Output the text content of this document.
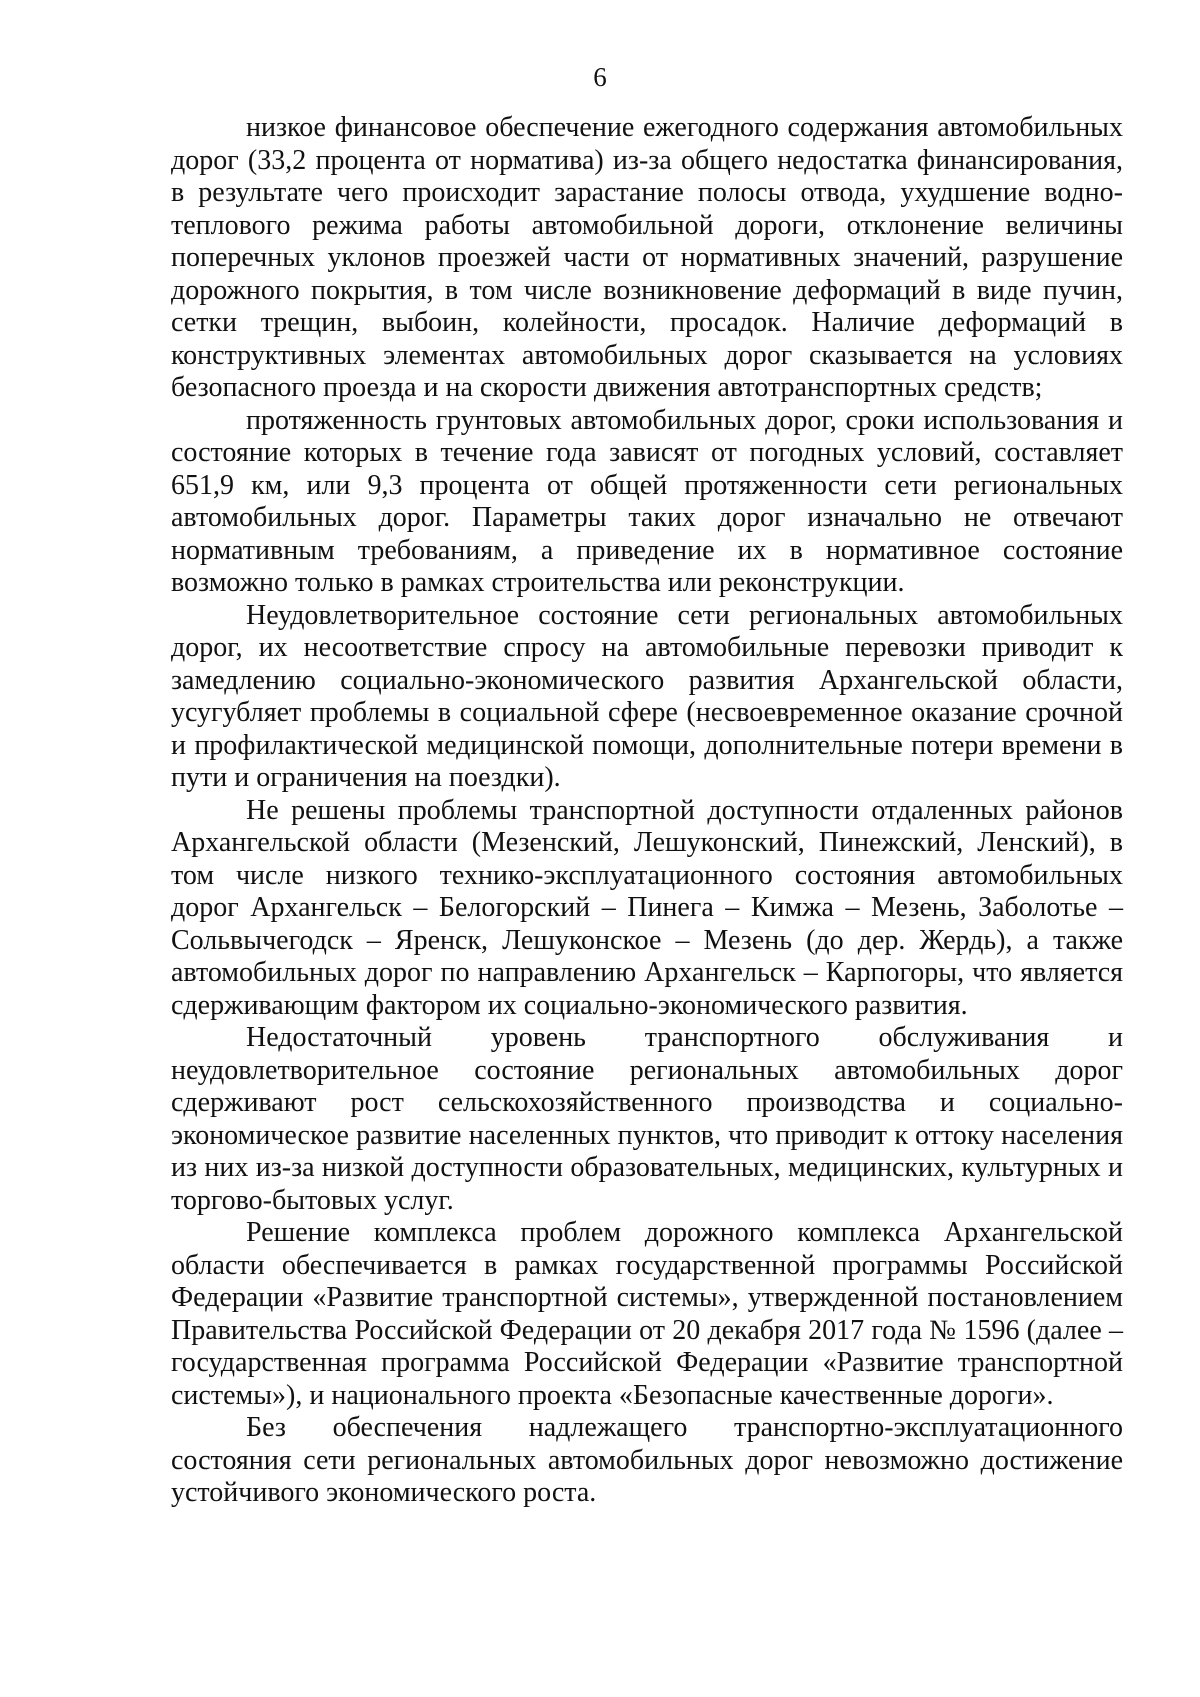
6

низкое финансовое обеспечение ежегодного содержания автомобильных дорог (33,2 процента от норматива) из-за общего недостатка финансирования, в результате чего происходит зарастание полосы отвода, ухудшение водно-теплового режима работы автомобильной дороги, отклонение величины поперечных уклонов проезжей части от нормативных значений, разрушение дорожного покрытия, в том числе возникновение деформаций в виде пучин, сетки трещин, выбоин, колейности, просадок. Наличие деформаций в конструктивных элементах автомобильных дорог сказывается на условиях безопасного проезда и на скорости движения автотранспортных средств;

протяженность грунтовых автомобильных дорог, сроки использования и состояние которых в течение года зависят от погодных условий, составляет 651,9 км, или 9,3 процента от общей протяженности сети региональных автомобильных дорог. Параметры таких дорог изначально не отвечают нормативным требованиям, а приведение их в нормативное состояние возможно только в рамках строительства или реконструкции.

Неудовлетворительное состояние сети региональных автомобильных дорог, их несоответствие спросу на автомобильные перевозки приводит к замедлению социально-экономического развития Архангельской области, усугубляет проблемы в социальной сфере (несвоевременное оказание срочной и профилактической медицинской помощи, дополнительные потери времени в пути и ограничения на поездки).

Не решены проблемы транспортной доступности отдаленных районов Архангельской области (Мезенский, Лешуконский, Пинежский, Ленский), в том числе низкого технико-эксплуатационного состояния автомобильных дорог Архангельск – Белогорский – Пинега – Кимжа – Мезень, Заболотье – Сольвычегодск – Яренск, Лешуконское – Мезень (до дер. Жердь), а также автомобильных дорог по направлению Архангельск – Карпогоры, что является сдерживающим фактором их социально-экономического развития.

Недостаточный уровень транспортного обслуживания и неудовлетворительное состояние региональных автомобильных дорог сдерживают рост сельскохозяйственного производства и социально-экономическое развитие населенных пунктов, что приводит к оттоку населения из них из-за низкой доступности образовательных, медицинских, культурных и торгово-бытовых услуг.

Решение комплекса проблем дорожного комплекса Архангельской области обеспечивается в рамках государственной программы Российской Федерации «Развитие транспортной системы», утвержденной постановлением Правительства Российской Федерации от 20 декабря 2017 года № 1596 (далее – государственная программа Российской Федерации «Развитие транспортной системы»), и национального проекта «Безопасные качественные дороги».

Без обеспечения надлежащего транспортно-эксплуатационного состояния сети региональных автомобильных дорог невозможно достижение устойчивого экономического роста.
